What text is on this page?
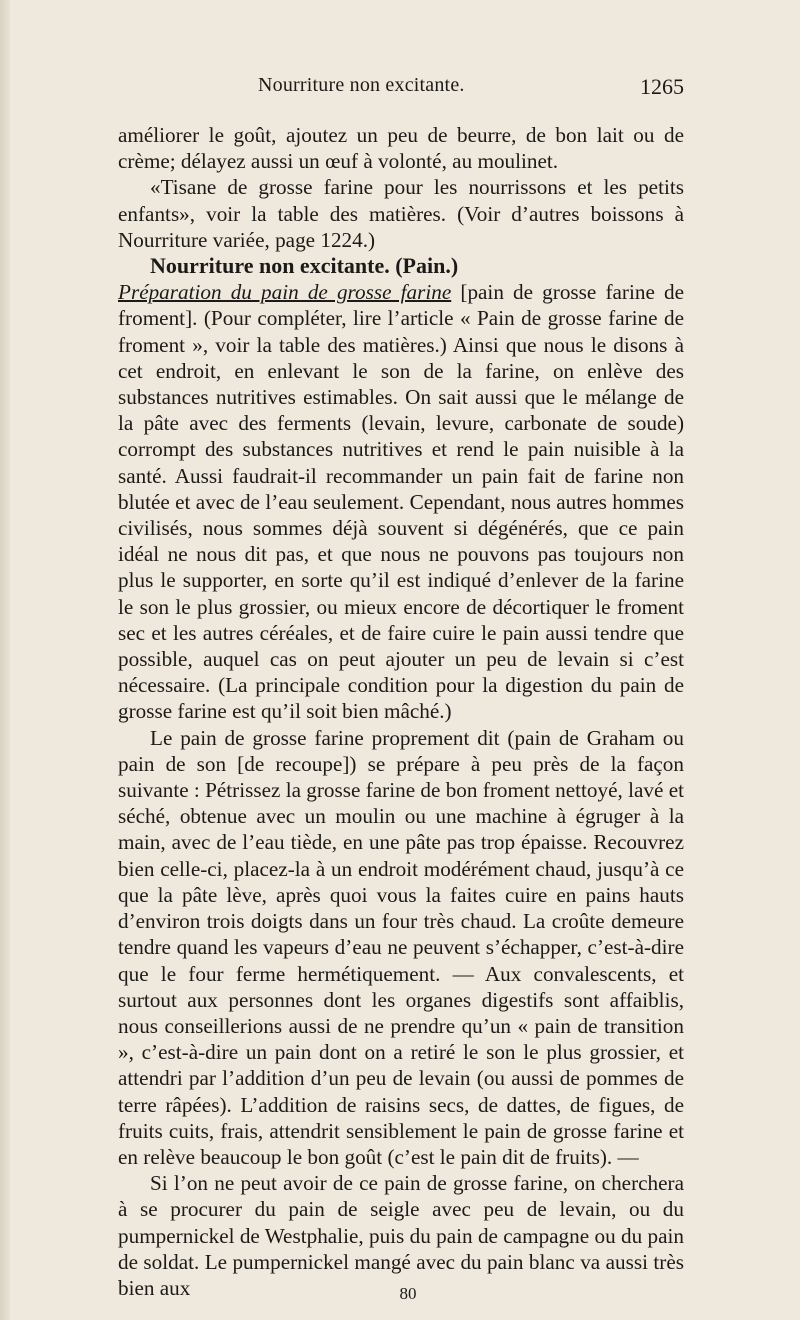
Nourriture non excitante.	1265

améliorer le goût, ajoutez un peu de beurre, de bon lait ou de crème; délayez aussi un œuf à volonté, au moulinet.

«Tisane de grosse farine pour les nourrissons et les petits enfants», voir la table des matières. (Voir d’autres boissons à Nourriture variée, page 1224.)

Nourriture non excitante. (Pain.)

Préparation du pain de grosse farine [pain de grosse farine de froment]. (Pour compléter, lire l’article « Pain de grosse farine de froment », voir la table des matières.) Ainsi que nous le disons à cet endroit, en enlevant le son de la farine, on enlève des substances nutritives estimables. On sait aussi que le mélange de la pâte avec des ferments (levain, levure, carbonate de soude) corrompt des substances nutritives et rend le pain nuisible à la santé. Aussi faudrait-il recommander un pain fait de farine non blutée et avec de l’eau seulement. Cependant, nous autres hommes civilisés, nous sommes déjà souvent si dégénérés, que ce pain idéal ne nous dit pas, et que nous ne pouvons pas toujours non plus le supporter, en sorte qu’il est indiqué d’enlever de la farine le son le plus grossier, ou mieux encore de décortiquer le froment sec et les autres céréales, et de faire cuire le pain aussi tendre que possible, auquel cas on peut ajouter un peu de levain si c’est nécessaire. (La principale condition pour la digestion du pain de grosse farine est qu’il soit bien mâché.)

Le pain de grosse farine proprement dit (pain de Graham ou pain de son [de recoupe]) se prépare à peu près de la façon suivante : Pétrissez la grosse farine de bon froment nettoyé, lavé et séché, obtenue avec un moulin ou une machine à égruger à la main, avec de l’eau tiède, en une pâte pas trop épaisse. Recouvrez bien celle-ci, placez-la à un endroit modérément chaud, jusqu’à ce que la pâte lève, après quoi vous la faites cuire en pains hauts d’environ trois doigts dans un four très chaud. La croûte demeure tendre quand les vapeurs d’eau ne peuvent s’échapper, c’est-à-dire que le four ferme hermétiquement. — Aux convalescents, et surtout aux personnes dont les organes digestifs sont affaiblis, nous conseillerions aussi de ne prendre qu’un « pain de transition », c’est-à-dire un pain dont on a retiré le son le plus grossier, et attendri par l’addition d’un peu de levain (ou aussi de pommes de terre râpées). L’addition de raisins secs, de dattes, de figues, de fruits cuits, frais, attendrit sensiblement le pain de grosse farine et en relève beaucoup le bon goût (c’est le pain dit de fruits). —

Si l’on ne peut avoir de ce pain de grosse farine, on cherchera à se procurer du pain de seigle avec peu de levain, ou du pumpernickel de Westphalie, puis du pain de campagne ou du pain de soldat. Le pumpernickel mangé avec du pain blanc va aussi très bien aux	80
